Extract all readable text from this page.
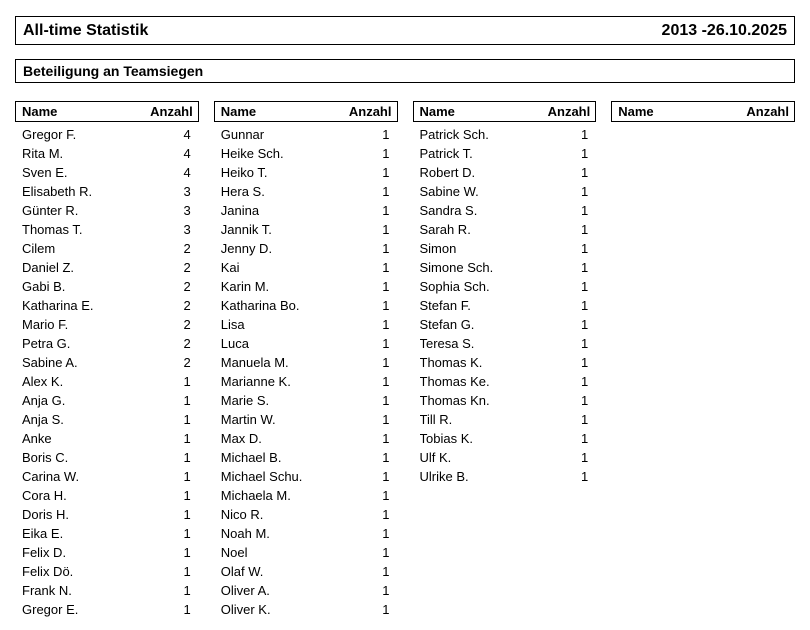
All-time Statistik	2013 -26.10.2025
Beteiligung an Teamsiegen
Name	Anzahl
Gregor F.	4
Rita M.	4
Sven E.	4
Elisabeth R.	3
Günter R.	3
Thomas T.	3
Cilem	2
Daniel Z.	2
Gabi B.	2
Katharina E.	2
Mario F.	2
Petra G.	2
Sabine A.	2
Alex K.	1
Anja G.	1
Anja S.	1
Anke	1
Boris C.	1
Carina W.	1
Cora H.	1
Doris H.	1
Eika E.	1
Felix D.	1
Felix Dö.	1
Frank N.	1
Gregor E.	1
Name	Anzahl
Gunnar	1
Heike Sch.	1
Heiko T.	1
Hera S.	1
Janina	1
Jannik T.	1
Jenny D.	1
Kai	1
Karin M.	1
Katharina Bo.	1
Lisa	1
Luca	1
Manuela M.	1
Marianne K.	1
Marie S.	1
Martin W.	1
Max D.	1
Michael B.	1
Michael Schu.	1
Michaela M.	1
Nico R.	1
Noah M.	1
Noel	1
Olaf W.	1
Oliver A.	1
Oliver K.	1
Name	Anzahl
Patrick Sch.	1
Patrick T.	1
Robert D.	1
Sabine W.	1
Sandra S.	1
Sarah R.	1
Simon	1
Simone Sch.	1
Sophia Sch.	1
Stefan F.	1
Stefan G.	1
Teresa S.	1
Thomas K.	1
Thomas Ke.	1
Thomas Kn.	1
Till R.	1
Tobias K.	1
Ulf K.	1
Ulrike B.	1
Name	Anzahl
